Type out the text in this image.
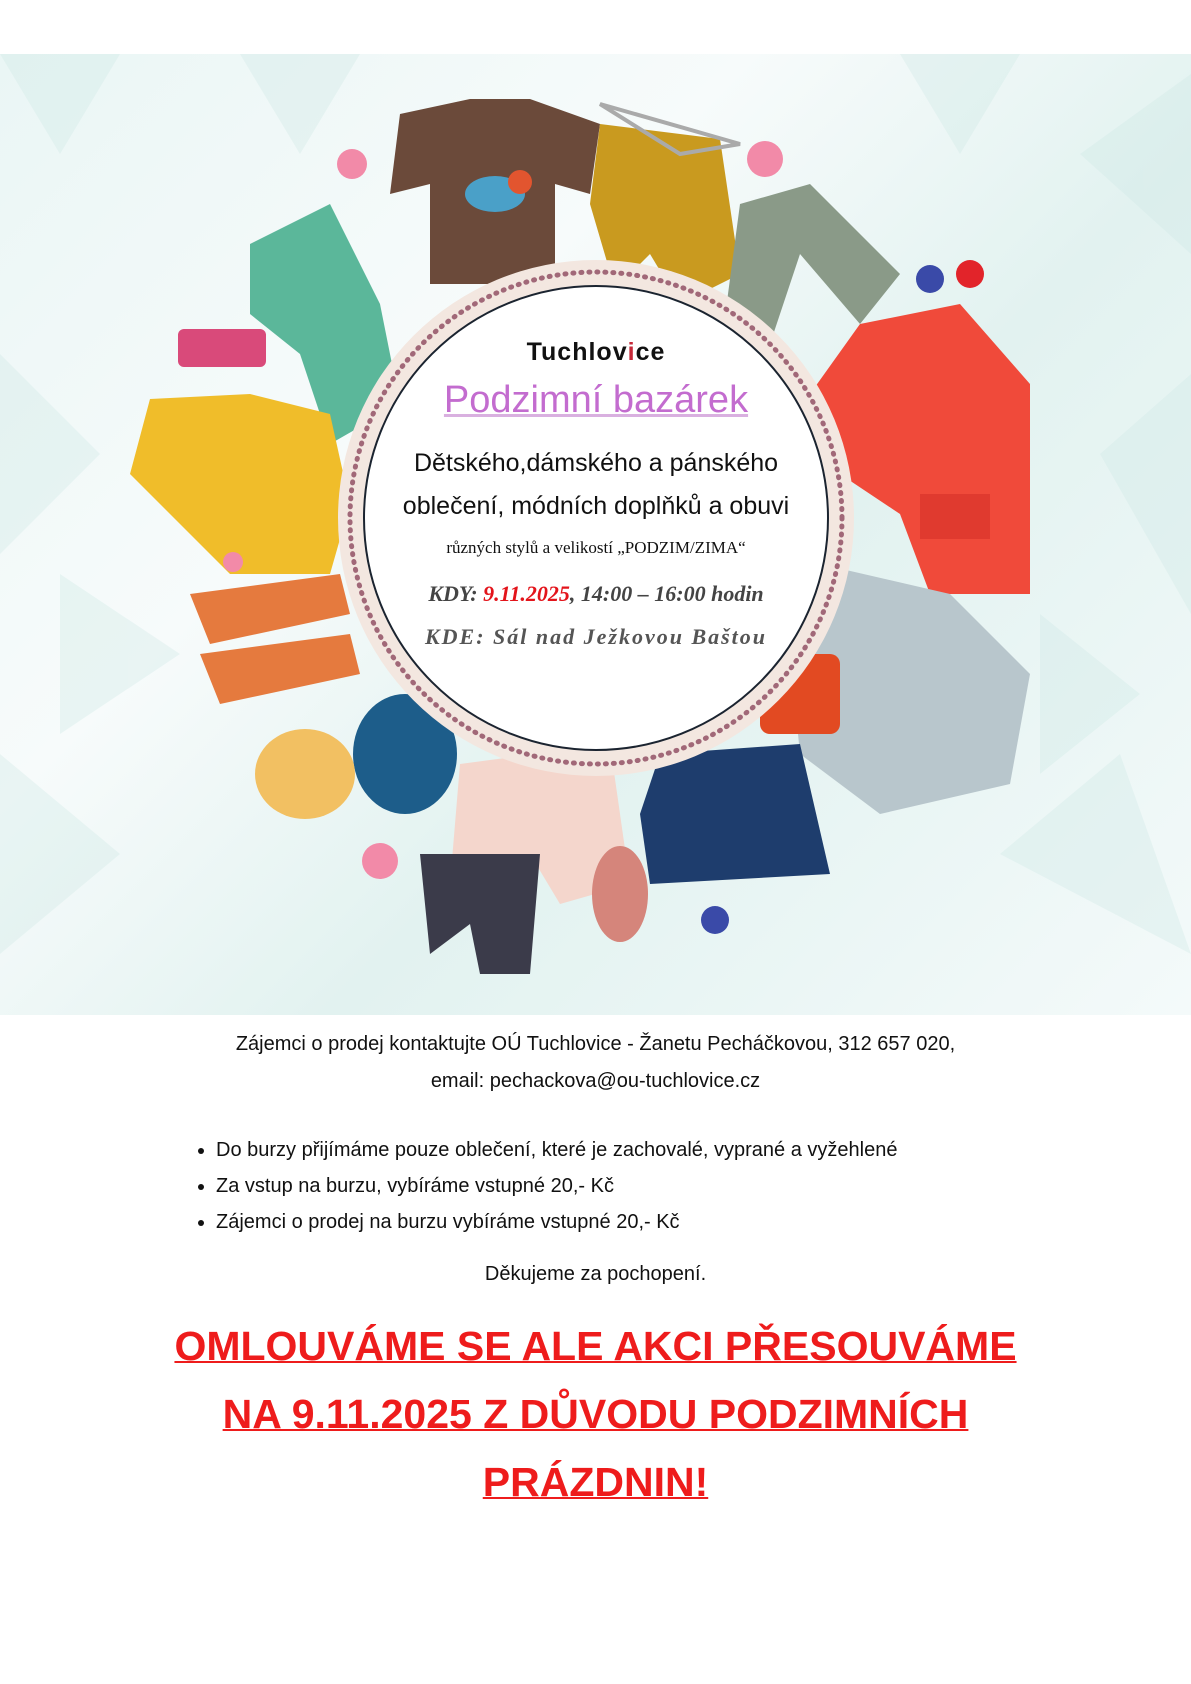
Tuchlovice
Podzimní bazárek
Dětského,dámského a pánského
oblečení, módních doplňků a obuvi
různých stylů a velikostí „PODZIM/ZIMA“
KDY: 9.11.2025, 14:00 – 16:00 hodin
KDE: Sál nad Ježkovou Baštou
Zájemci o prodej kontaktujte OÚ Tuchlovice - Žanetu Pecháčkovou, 312 657 020,
email: pechackova@ou-tuchlovice.cz
• Do burzy přijímáme pouze oblečení, které je zachovalé, vyprané a vyžehlené
• Za vstup na burzu, vybíráme vstupné 20,- Kč
• Zájemci o prodej na burzu vybíráme vstupné 20,- Kč
Děkujeme za pochopení.
OMLOUVÁME SE ALE AKCI PŘESOUVÁME
NA 9.11.2025 Z DŮVODU PODZIMNÍCH
PRÁZDNIN!
